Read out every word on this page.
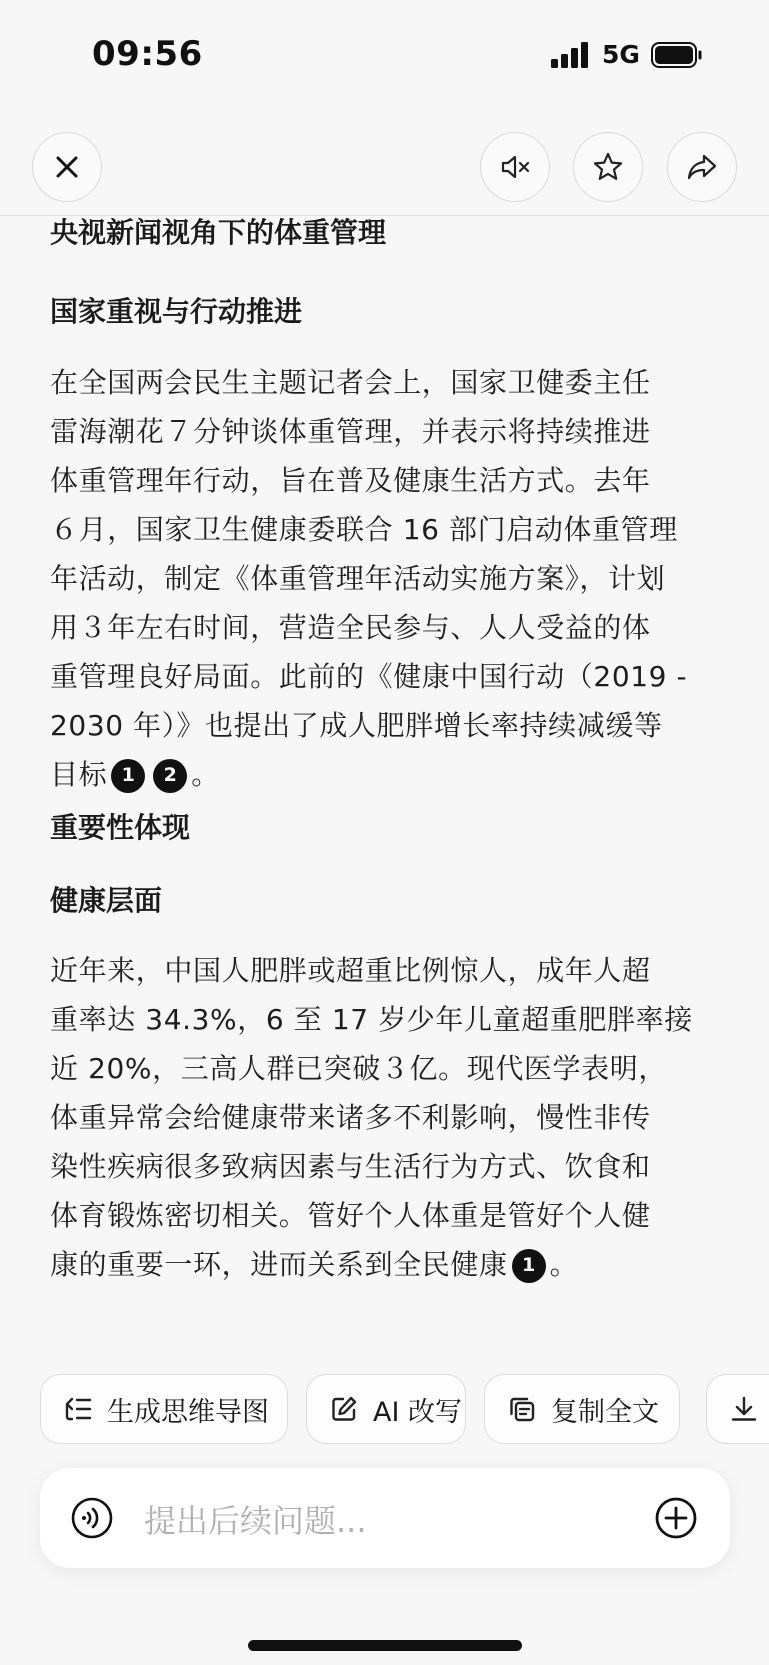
09:56	5G
央视新闻视角下的体重管理
国家重视与行动推进
在全国两会民生主题记者会上，国家卫健委主任
雷海潮花７分钟谈体重管理，并表示将持续推进
体重管理年行动，旨在普及健康生活方式。去年
６月，国家卫生健康委联合 16 部门启动体重管理
年活动，制定《体重管理年活动实施方案》，计划
用３年左右时间，营造全民参与、人人受益的体
重管理良好局面。此前的《健康中国行动（2019 -
2030 年）》也提出了成人肥胖增长率持续减缓等
目标 1 2 。
重要性体现
健康层面
近年来，中国人肥胖或超重比例惊人，成年人超
重率达 34.3%，6 至 17 岁少年儿童超重肥胖率接
近 20%，三高人群已突破３亿。现代医学表明，
体重异常会给健康带来诸多不利影响，慢性非传
染性疾病很多致病因素与生活行为方式、饮食和
体育锻炼密切相关。管好个人体重是管好个人健
康的重要一环，进而关系到全民健康 1 。
生成思维导图	AI 改写	复制全文
提出后续问题...
